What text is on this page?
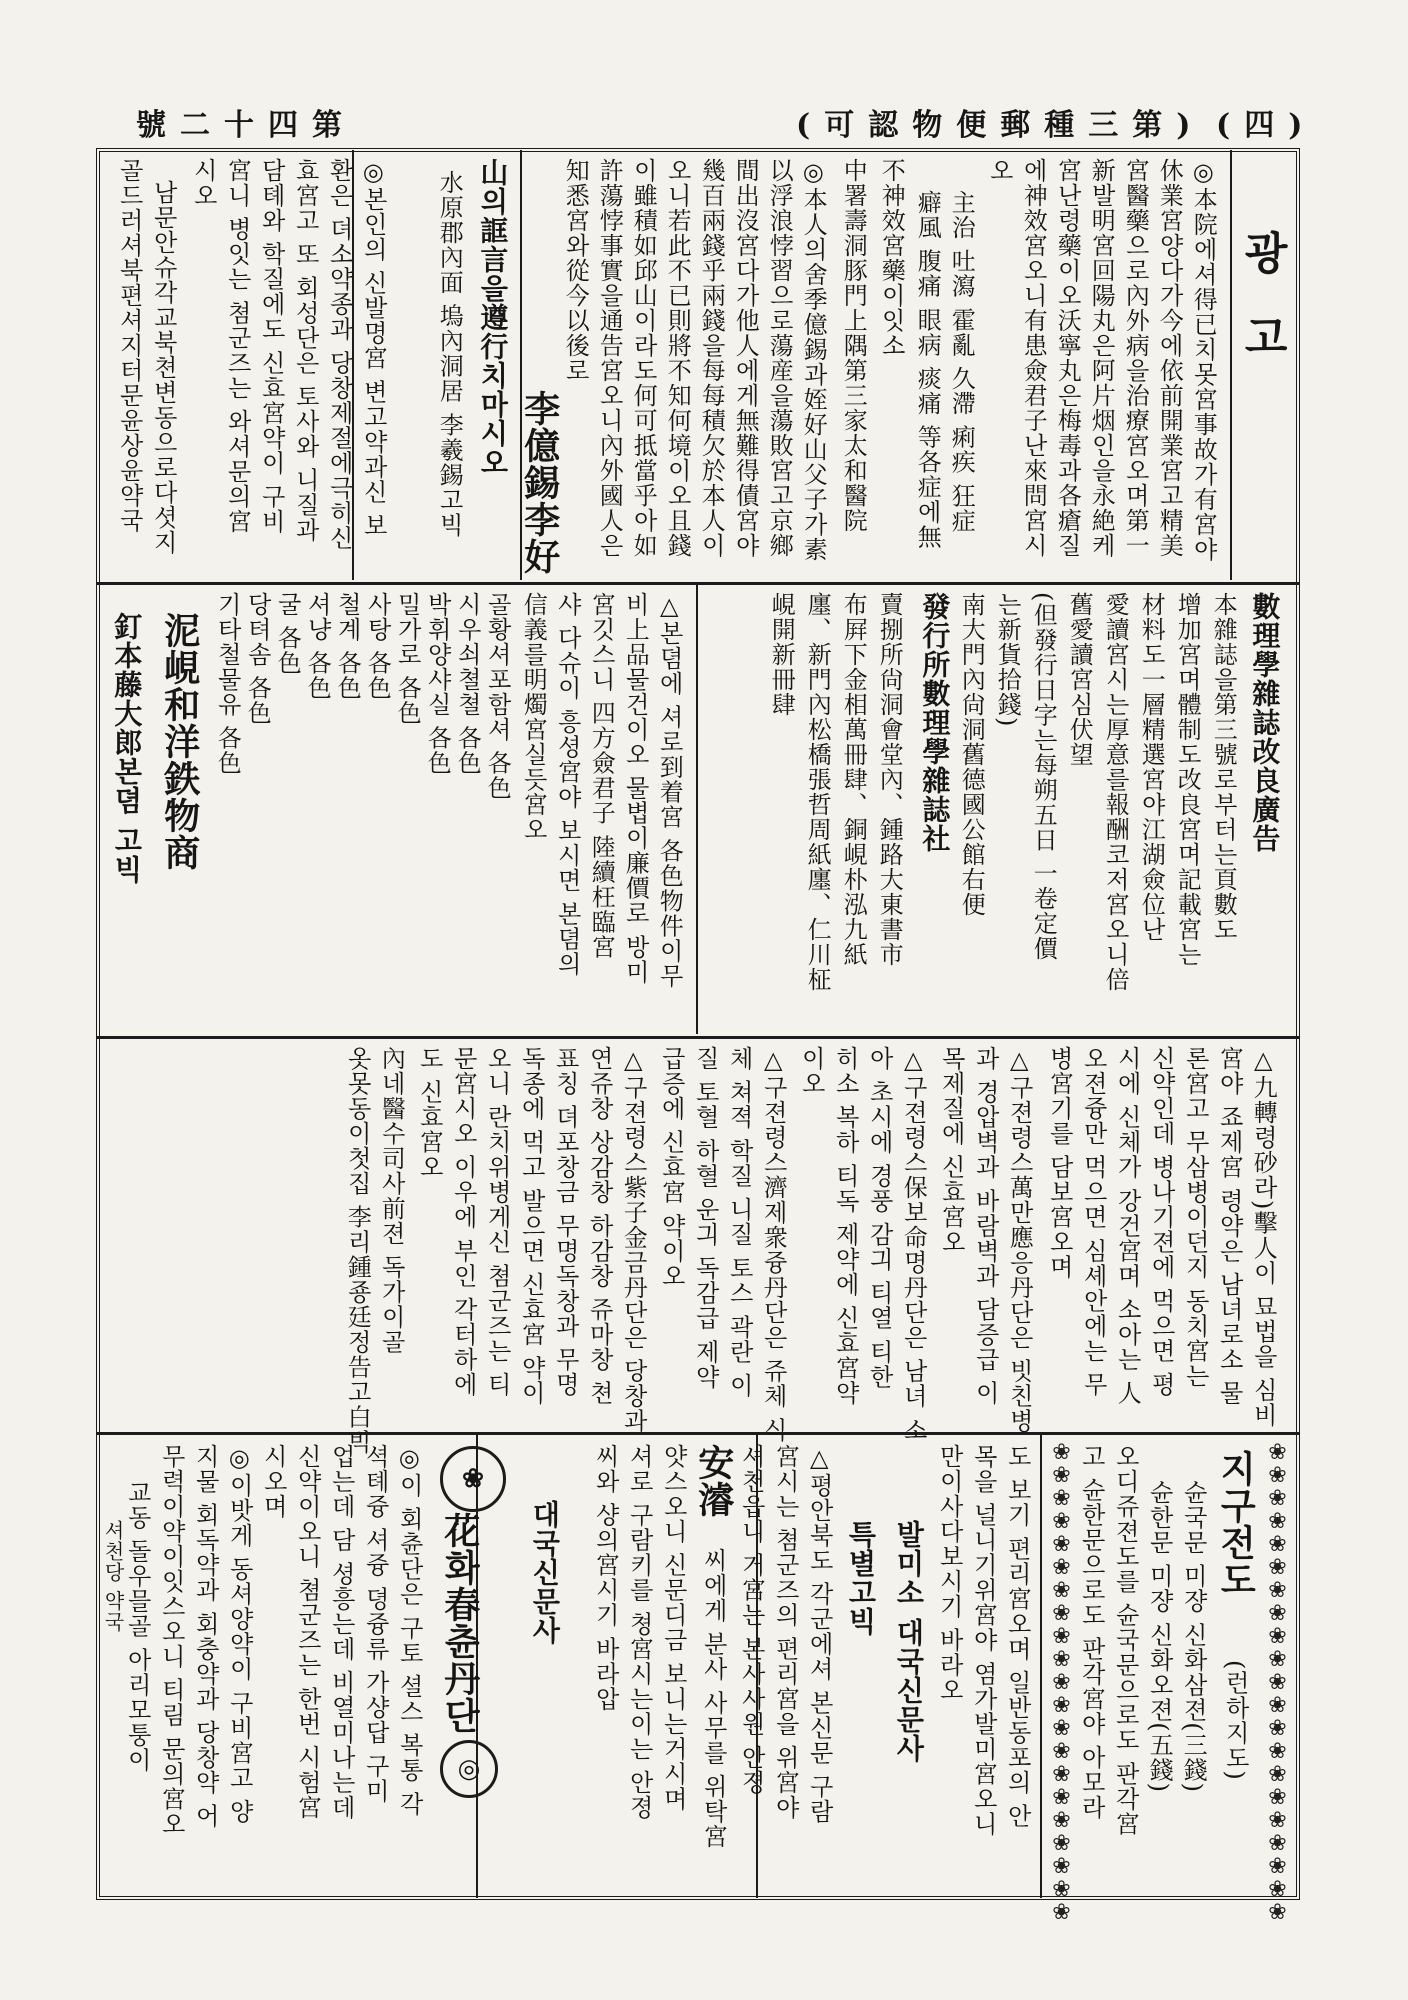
號二十四第	(可認物便郵種三第) (四)
광고
◎本院에셔得已치못宮事故가有宮야
休業宮양다가今에依前開業宮고精美
宮醫藥으로內外病을治療宮오며第一
新발明宮回陽丸은阿片烟인을永絶케
宮난령藥이오沃寧丸은梅毒과各瘡질
에神效宮오니有患僉君子난來問宮시
오
主治 吐瀉 霍亂 久滯 痢疾 狂症
癖風 腹痛 眼病 痰痛 等各症에無
不神效宮藥이잇소
中署壽洞豚門上隅第三家太和醫院
◎本人의舍季億錫과姪好山父子가素
以浮浪悖習으로蕩産을蕩敗宮고京鄉
間出沒宮다가他人에게無難得債宮야
幾百兩錢乎兩錢을每每積欠於本人이
오니若此不已則將不知何境이오且錢
이雖積如邱山이라도何可抵當乎아如
許蕩悖事實을通告宮오니內外國人은
知悉宮와從今以後로
李億錫李好
山의誆言을遵行치마시오
水原郡內面 塢內洞居 李羲錫고빅
◎본인의 신발명宮 변고약과신 보
환은 뎌소약종과 당창제절에극히신
효宮고 또 회성단은 토사와 니질과
담톄와 학질에도 신효宮약이 구비
宮니 병잇는 쳠군즈는 와셔문의宮
시오
남문안슈각교북쳔변동으로다셧지
골드러셔북편셔지터문윤상윤약국
數理學雜誌改良廣告
本雜誌을第三號로부터는頁數도
增加宮며體制도改良宮며記載宮는
材料도一層精選宮야江湖僉位난
愛讀宮시는厚意를報酬코저宮오니倍
舊愛讀宮심伏望
(但發行日字는每朔五日 一卷定價
는新貨拾錢)
南大門內尙洞舊德國公館右便
發行所數理學雜誌社
賣捌所尙洞會堂內、鍾路大東書市
布屛下金相萬冊肆、銅峴朴泓九紙
廛、新門內松橋張哲周紙廛、仁川柾
峴開新冊肆
△본뎜에 셔로到着宮 各色物件이무
비上品물건이오 물볍이廉價로 방미
宮깃스니 四方僉君子 陸續枉臨宮
샤 다슈이 흥셩宮야 보시면 본뎜의
信義를明燭宮실듯宮오
골황셔포함셔 各色
시우쇠쳘쳘 各色
박휘양샤실 各色
밀가로 各色
사탕 各色
철계 各色
셔냥 各色
굴 各色
당텨솜 各色
기타철물유 各色
泥峴和洋鉄物商
釘本藤大郎본뎜 고빅
△九轉령砂라)擊人이 묘법을 심비
宮야 죠제宮 령약은 남녀로소 물
론宮고 무삼병이던지 동치宮는
신약인데 병나기젼에 먹으면 평
시에 신체가 강건宮며 소아는 人
오젼즁만 먹으면 심셰안에는 무
병宮기를 담보宮오며
△구젼령스萬만應응丹단은 빗친병
과 경압벽과 바람벽과 담증급 이
목제질에 신효宮오
△구젼령스保보命명丹단은 남녀 소
아 초시에 경풍 감긔 티열 티한
히소 복하 티독 제약에 신효宮약
이오
△구젼령스濟제衆즁丹단은 쥬체 식
체 쳐젹 학질 니질 토스 곽란 이
질 토혈 하혈 운긔 독감급 제약
급증에 신효宮 약이오
△구젼령스紫子金금丹단은 당창과
연쥬창 상감창 하감창 쥬마창 쳔
표칭 뎌포창금 무명독창과 무명
독종에 먹고 발으면 신효宮 약이
오니 란치위병게신 쳠군즈는 티
문宮시오 이우에 부인 각터하에
도 신효宮오
內네醫수司사前젼 독가이골
옷못동이첫집 李리鍾죵廷정告고白빅
❀❀❀❀❀❀❀❀❀❀❀❀❀❀❀❀❀❀❀❀❀
❀❀❀❀❀❀❀❀❀❀❀❀❀❀❀❀❀❀❀❀❀	지구전도
(런하지도)
슌국문 미쟝 신화삼젼(三錢)
슌한문 미쟝 신화오젼(五錢)
오디쥬젼도를 슌국문으로도 판각宮
고 슌한문으로도 판각宮야 아모라
도 보기 편리宮오며 일반동포의 안
목을 널니기위宮야 염가발미宮오니
만이사다보시기 바라오
발미소 대국신문사
특별고빅
△평안북도 각군에셔 본신문 구람
宮시는 쳠군즈의 편리宮을 위宮야
셔천읍니 거宮는 본사사원 안졍
安濬
씨에게 분사 사무를 위탁宮
얏스오니 신문디금 보니는거시며
셔로 구람키를 쳥宮시는이는 안졍
씨와 샹의宮시기 바라압
대국신문사
❀
花화春츈丹단
◎
◎이 회츈단은 구토 셜스 복통 각
셕톄즁 셔즁 뎡즁류 가샹답 구미
업는데 담 셩흥는데 비열미나는데
신약이오니 쳠군즈는 한번 시험宮
시오며
◎이밧게 동셔양약이 구비宮고 양
지물 회독약과 회충약과 당창약 어
무력이약이잇스오니 티림 문의宮오
교동 돌우믈골 아리모퉁이
셔천당 약국
